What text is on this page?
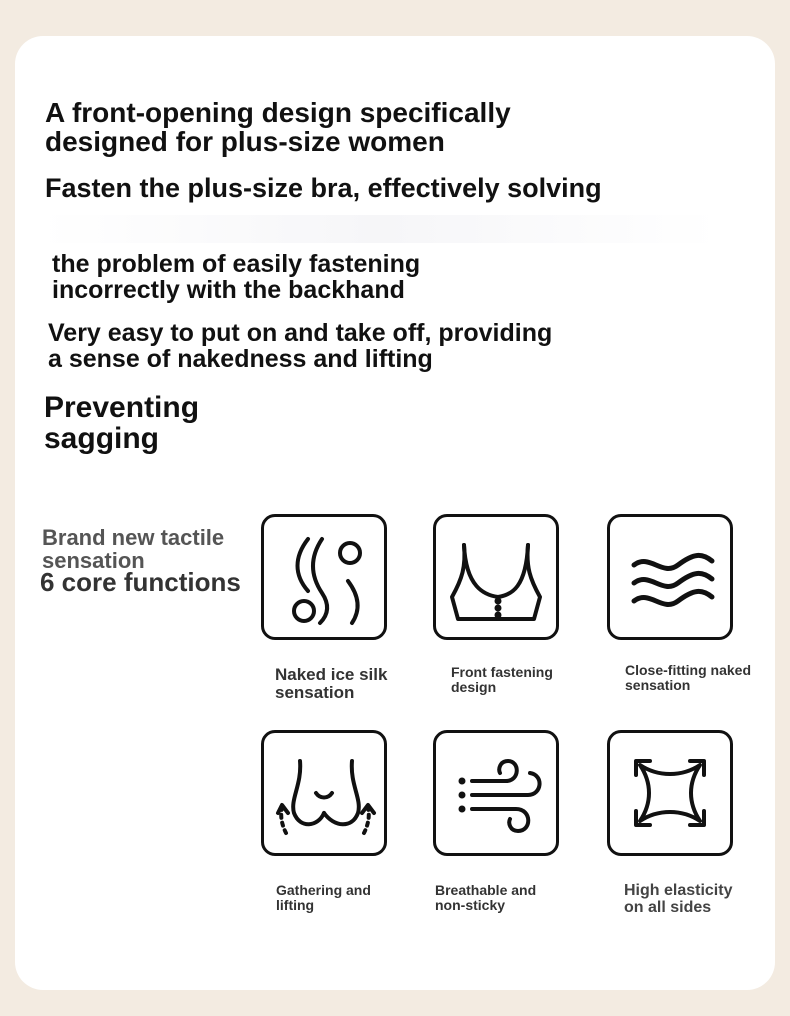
A front-opening design specifically
designed for plus-size women

Fasten the plus-size bra, effectively solving

the problem of easily fastening
incorrectly with the backhand

Very easy to put on and take off, providing
a sense of nakedness and lifting

Preventing
sagging

Brand new tactile
sensation

6 core functions

Naked ice silk
sensation

Front fastening
design

Close-fitting naked
sensation

Gathering and
lifting

Breathable and
non-sticky

High elasticity
on all sides
